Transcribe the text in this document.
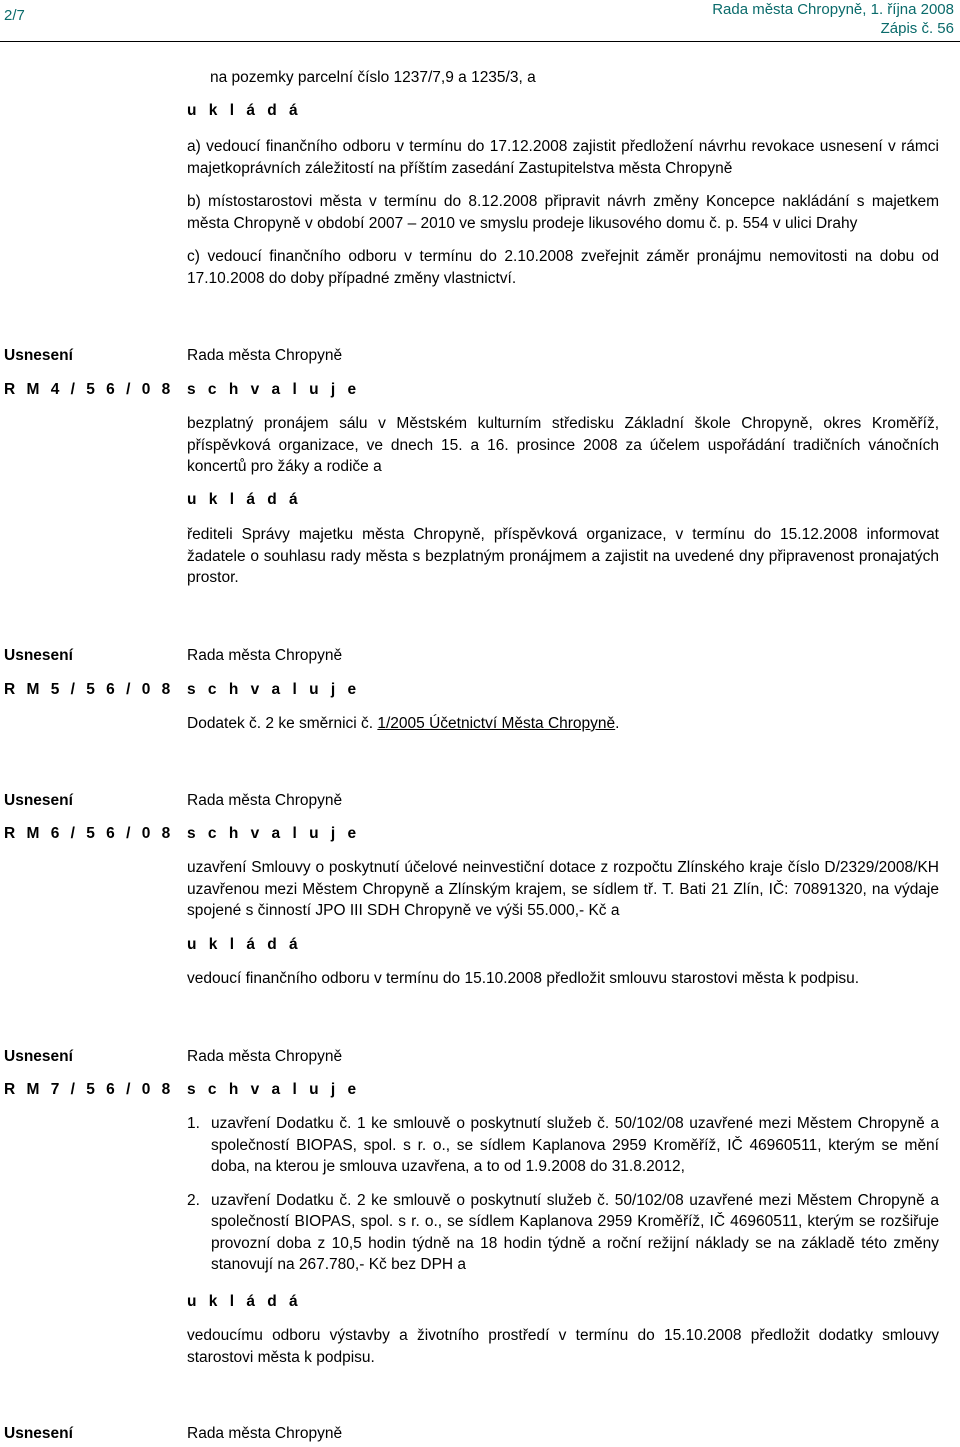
2/7	Rada města Chropyně, 1. října 2008
Zápis č. 56
na pozemky parcelní číslo 1237/7,9 a 1235/3, a
u k l á d á
a) vedoucí finančního odboru v termínu do 17.12.2008 zajistit předložení návrhu revokace usnesení v rámci majetkoprávních záležitostí na příštím zasedání Zastupitelstva města Chropyně
b) místostarostovi města v termínu do 8.12.2008 připravit návrh změny Koncepce nakládání s majetkem města Chropyně v období 2007 – 2010 ve smyslu prodeje likusového domu č. p. 554 v ulici Drahy
c) vedoucí finančního odboru v termínu do 2.10.2008 zveřejnit záměr pronájmu nemovitosti na dobu od 17.10.2008 do doby případné změny vlastnictví.
Usnesení	Rada města Chropyně
R M 4 / 5 6 / 0 8 s c h v a l u j e
bezplatný pronájem sálu v Městském kulturním středisku Základní škole Chropyně, okres Kroměříž, příspěvková organizace, ve dnech 15. a 16. prosince 2008 za účelem uspořádání tradičních vánočních koncertů pro žáky a rodiče a
u k l á d á
řediteli Správy majetku města Chropyně, příspěvková organizace, v termínu do 15.12.2008 informovat žadatele o souhlasu rady města s bezplatným pronájmem a zajistit na uvedené dny připravenost pronajatých prostor.
Usnesení	Rada města Chropyně
R M 5 / 5 6 / 0 8 s c h v a l u j e
Dodatek č. 2 ke směrnici č. 1/2005 Účetnictví Města Chropyně.
Usnesení	Rada města Chropyně
R M 6 / 5 6 / 0 8 s c h v a l u j e
uzavření Smlouvy o poskytnutí účelové neinvestiční dotace z rozpočtu Zlínského kraje číslo D/2329/2008/KH uzavřenou mezi Městem Chropyně a Zlínským krajem, se sídlem tř. T. Bati 21 Zlín, IČ: 70891320, na výdaje spojené s činností JPO III SDH Chropyně ve výši 55.000,- Kč a
u k l á d á
vedoucí finančního odboru v termínu do 15.10.2008 předložit smlouvu starostovi města k podpisu.
Usnesení	Rada města Chropyně
R M 7 / 5 6 / 0 8 s c h v a l u j e
1. uzavření Dodatku č. 1 ke smlouvě o poskytnutí služeb č. 50/102/08 uzavřené mezi Městem Chropyně a společností BIOPAS, spol. s r. o., se sídlem Kaplanova 2959 Kroměříž, IČ 46960511, kterým se mění doba, na kterou je smlouva uzavřena, a to od 1.9.2008 do 31.8.2012,
2. uzavření Dodatku č. 2 ke smlouvě o poskytnutí služeb č. 50/102/08 uzavřené mezi Městem Chropyně a společností BIOPAS, spol. s r. o., se sídlem Kaplanova 2959 Kroměříž, IČ 46960511, kterým se rozšiřuje provozní doba z 10,5 hodin týdně na 18 hodin týdně a roční režijní náklady se na základě této změny stanovují na 267.780,- Kč bez DPH a
u k l á d á
vedoucímu odboru výstavby a životního prostředí v termínu do 15.10.2008 předložit dodatky smlouvy starostovi města k podpisu.
Usnesení	Rada města Chropyně
